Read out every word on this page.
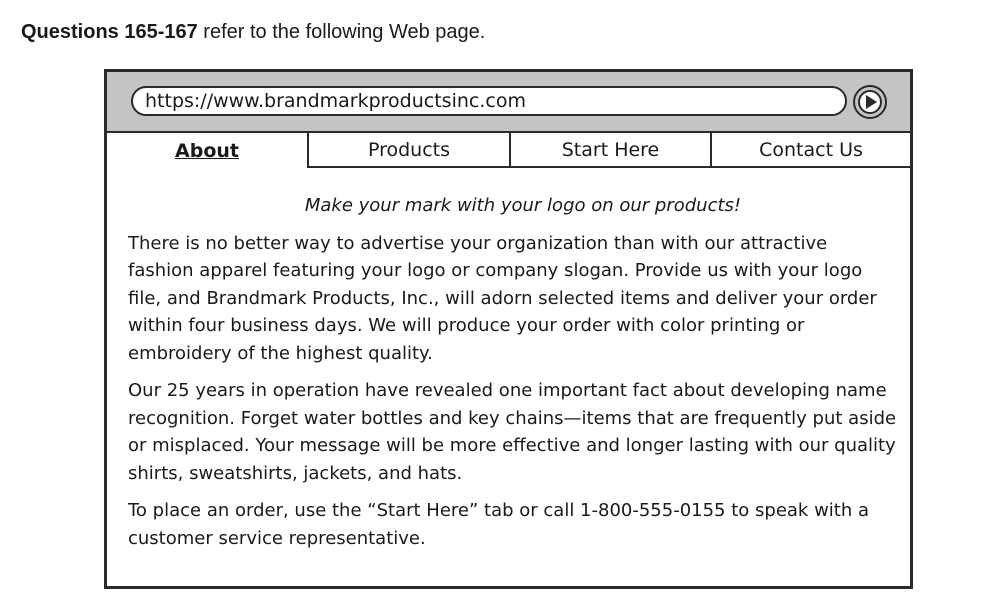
Questions 165-167 refer to the following Web page.
https://www.brandmarkproductsinc.com
About	Products	Start Here	Contact Us

Make your mark with your logo on our products!

There is no better way to advertise your organization than with our attractive fashion apparel featuring your logo or company slogan. Provide us with your logo file, and Brandmark Products, Inc., will adorn selected items and deliver your order within four business days. We will produce your order with color printing or embroidery of the highest quality.

Our 25 years in operation have revealed one important fact about developing name recognition. Forget water bottles and key chains—items that are frequently put aside or misplaced. Your message will be more effective and longer lasting with our quality shirts, sweatshirts, jackets, and hats.

To place an order, use the “Start Here” tab or call 1-800-555-0155 to speak with a customer service representative.
